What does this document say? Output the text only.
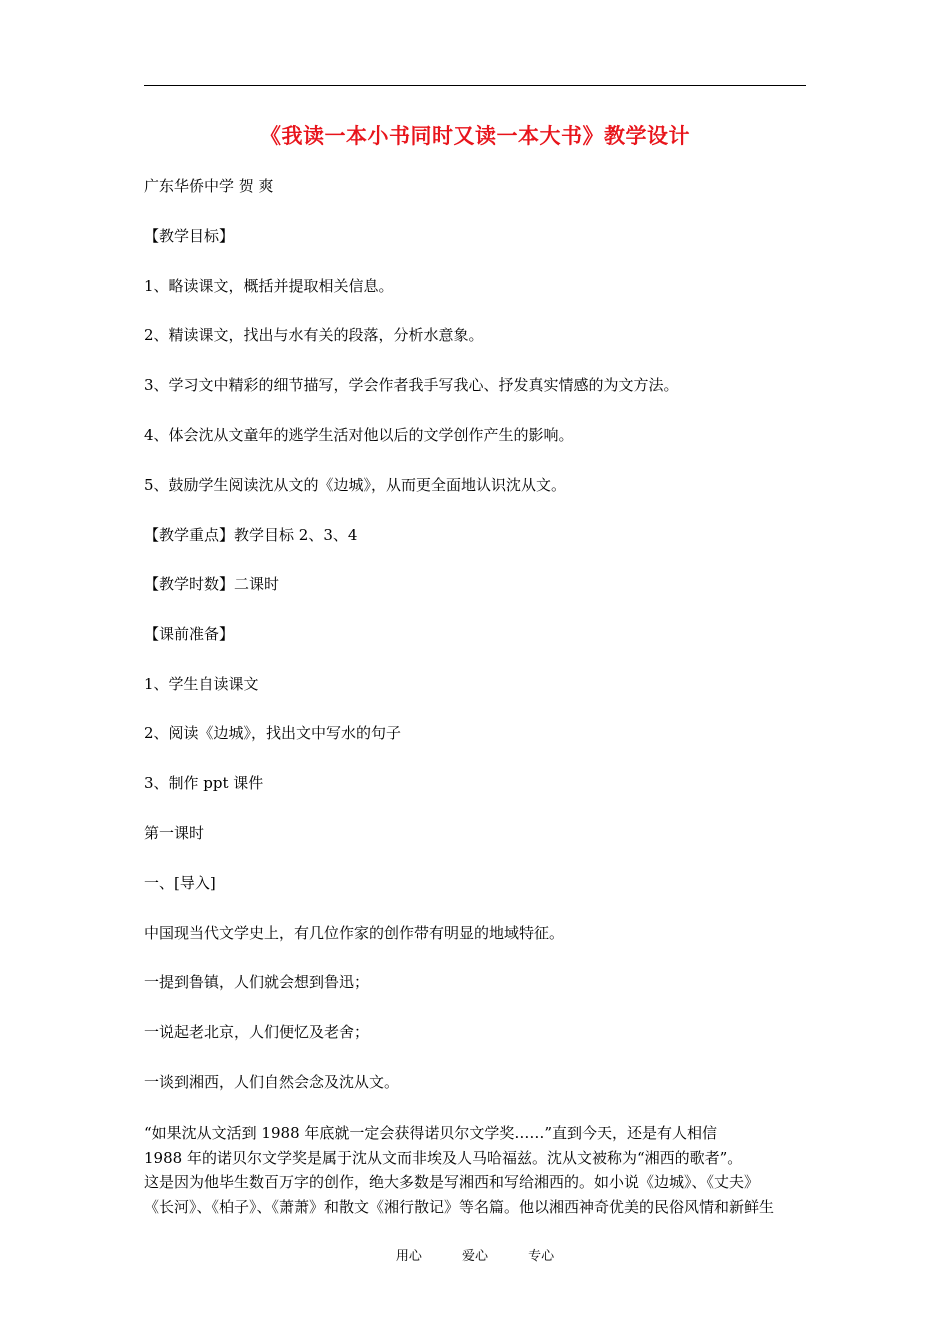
《我读一本小书同时又读一本大书》教学设计
广东华侨中学 贺 爽
【教学目标】
1、略读课文，概括并提取相关信息。
2、精读课文，找出与水有关的段落，分析水意象。
3、学习文中精彩的细节描写，学会作者我手写我心、抒发真实情感的为文方法。
4、体会沈从文童年的逃学生活对他以后的文学创作产生的影响。
5、鼓励学生阅读沈从文的《边城》，从而更全面地认识沈从文。
【教学重点】教学目标 2、3、4
【教学时数】二课时
【课前准备】
1、学生自读课文
2、阅读《边城》，找出文中写水的句子
3、制作 ppt 课件
第一课时
一、[导入]
中国现当代文学史上，有几位作家的创作带有明显的地域特征。
一提到鲁镇，人们就会想到鲁迅；
一说起老北京，人们便忆及老舍；
一谈到湘西，人们自然会念及沈从文。
“如果沈从文活到 1988 年底就一定会获得诺贝尔文学奖……”直到今天，还是有人相信
1988 年的诺贝尔文学奖是属于沈从文而非埃及人马哈福兹。沈从文被称为“湘西的歌者”。
这是因为他毕生数百万字的创作，绝大多数是写湘西和写给湘西的。如小说《边城》、《丈夫》
《长河》、《柏子》、《萧萧》和散文《湘行散记》等名篇。他以湘西神奇优美的民俗风情和新鲜生
用心	爱心	专心
